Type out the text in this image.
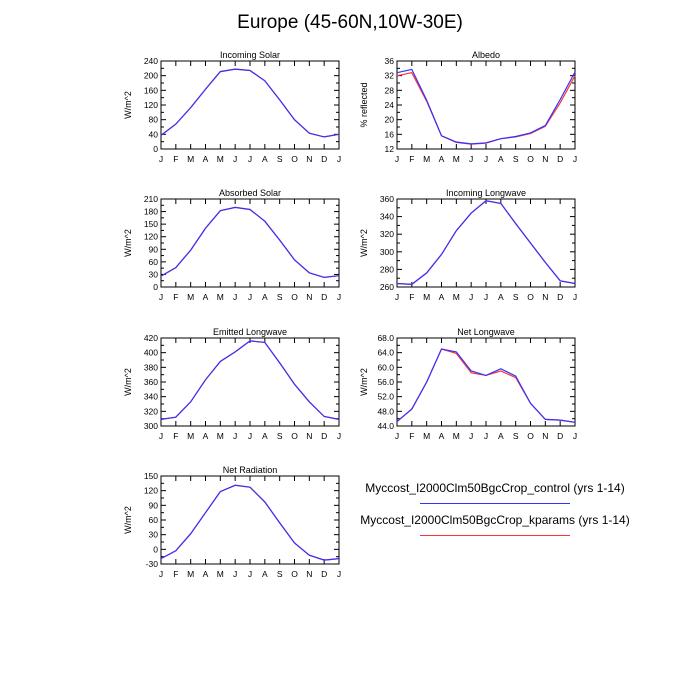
Europe (45-60N,10W-30E)
Incoming Solar
W/m^2
0
40
80
120
160
200
240
J F M A M J J A S O N D J
Albedo
% reflected
12
16
20
24
28
32
36
J F M A M J J A S O N D J
Absorbed Solar
W/m^2
0
30
60
90
120
150
180
210
J F M A M J J A S O N D J
Incoming Longwave
W/m^2
260
280
300
320
340
360
J F M A M J J A S O N D J
Emitted Longwave
W/m^2
300
320
340
360
380
400
420
J F M A M J J A S O N D J
Net Longwave
W/m^2
44.0
48.0
52.0
56.0
60.0
64.0
68.0
J F M A M J J A S O N D J
Net Radiation
W/m^2
-30
0
30
60
90
120
150
J F M A M J J A S O N D J
Myccost_I2000Clm50BgcCrop_control (yrs 1-14)
Myccost_I2000Clm50BgcCrop_kparams (yrs 1-14)
